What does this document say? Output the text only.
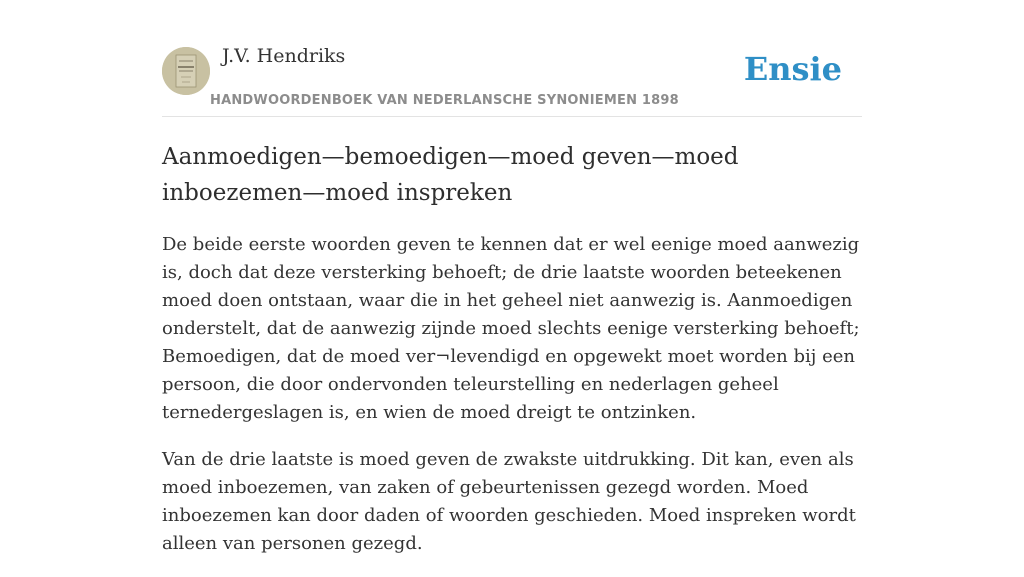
J.V. Hendriks
HANDWOORDENBOEK VAN NEDERLANSCHE SYNONIEMEN 1898
Ensie
Aanmoedigen—bemoedigen—moed geven—moed inboezemen—moed inspreken

De beide eerste woorden geven te kennen dat er wel eenige moed aanwezig is, doch dat deze versterking behoeft; de drie laatste woorden beteekenen moed doen ontstaan, waar die in het geheel niet aanwezig is. Aanmoedigen onderstelt, dat de aanwezig zijnde moed slechts eenige versterking behoeft; Bemoedigen, dat de moed ver¬levendigd en opgewekt moet worden bij een persoon, die door ondervonden teleurstelling en nederlagen geheel ternedergeslagen is, en wien de moed dreigt te ontzinken.

Van de drie laatste is moed geven de zwakste uitdrukking. Dit kan, even als moed inboezemen, van zaken of gebeurtenissen gezegd worden. Moed inboezemen kan door daden of woorden geschieden. Moed inspreken wordt alleen van personen gezegd.
